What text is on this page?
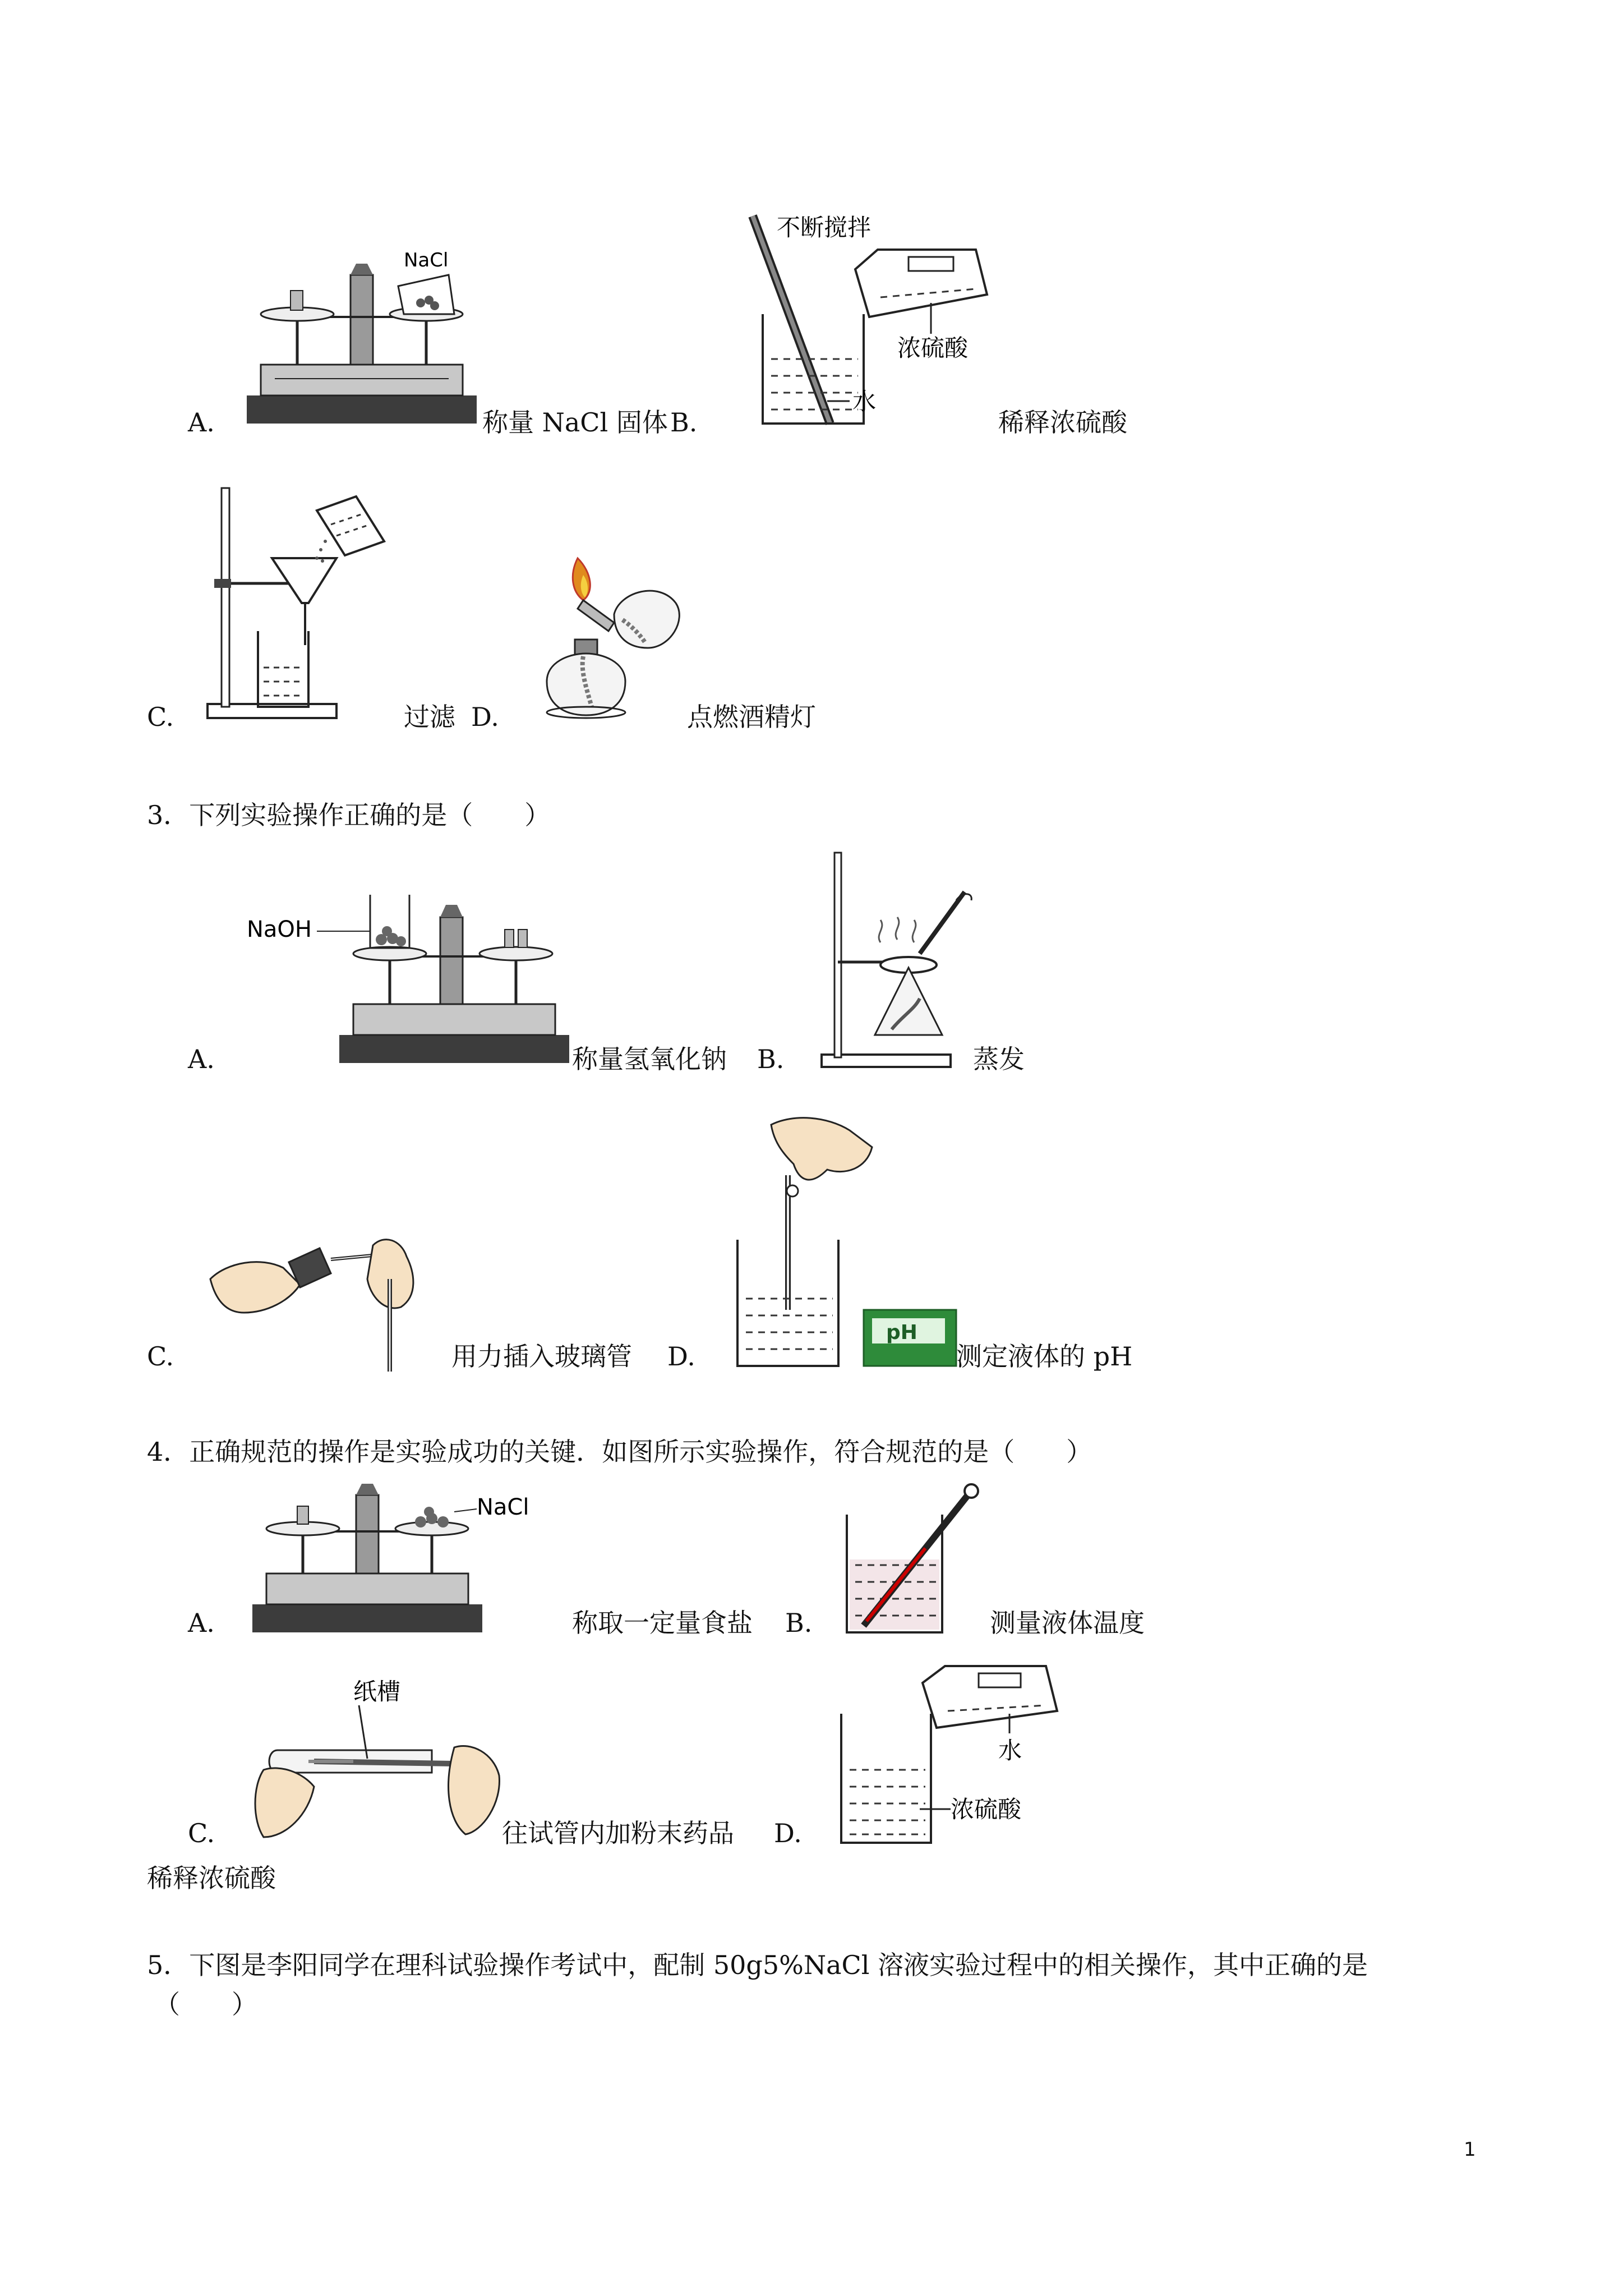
A.
NaCl
称量 NaCl 固体 B.
不断搅拌
浓硫酸
水
稀释浓硫酸
C.	过滤 D.	点燃酒精灯
3．下列实验操作正确的是（　　）
A.
NaOH
称量氢氧化钠 B.	蒸发
C.	用力插入玻璃管 D.
pH
测定液体的 pH
4．正确规范的操作是实验成功的关键．如图所示实验操作，符合规范的是（　　）
A.
NaCl
称取一定量食盐 B.	测量液体温度
C.
纸槽
往试管内加粉末药品 D.
水
浓硫酸
稀释浓硫酸
5．下图是李阳同学在理科试验操作考试中，配制 50g5%NaCl 溶液实验过程中的相关操作，其中正确的是
（　　）
1
